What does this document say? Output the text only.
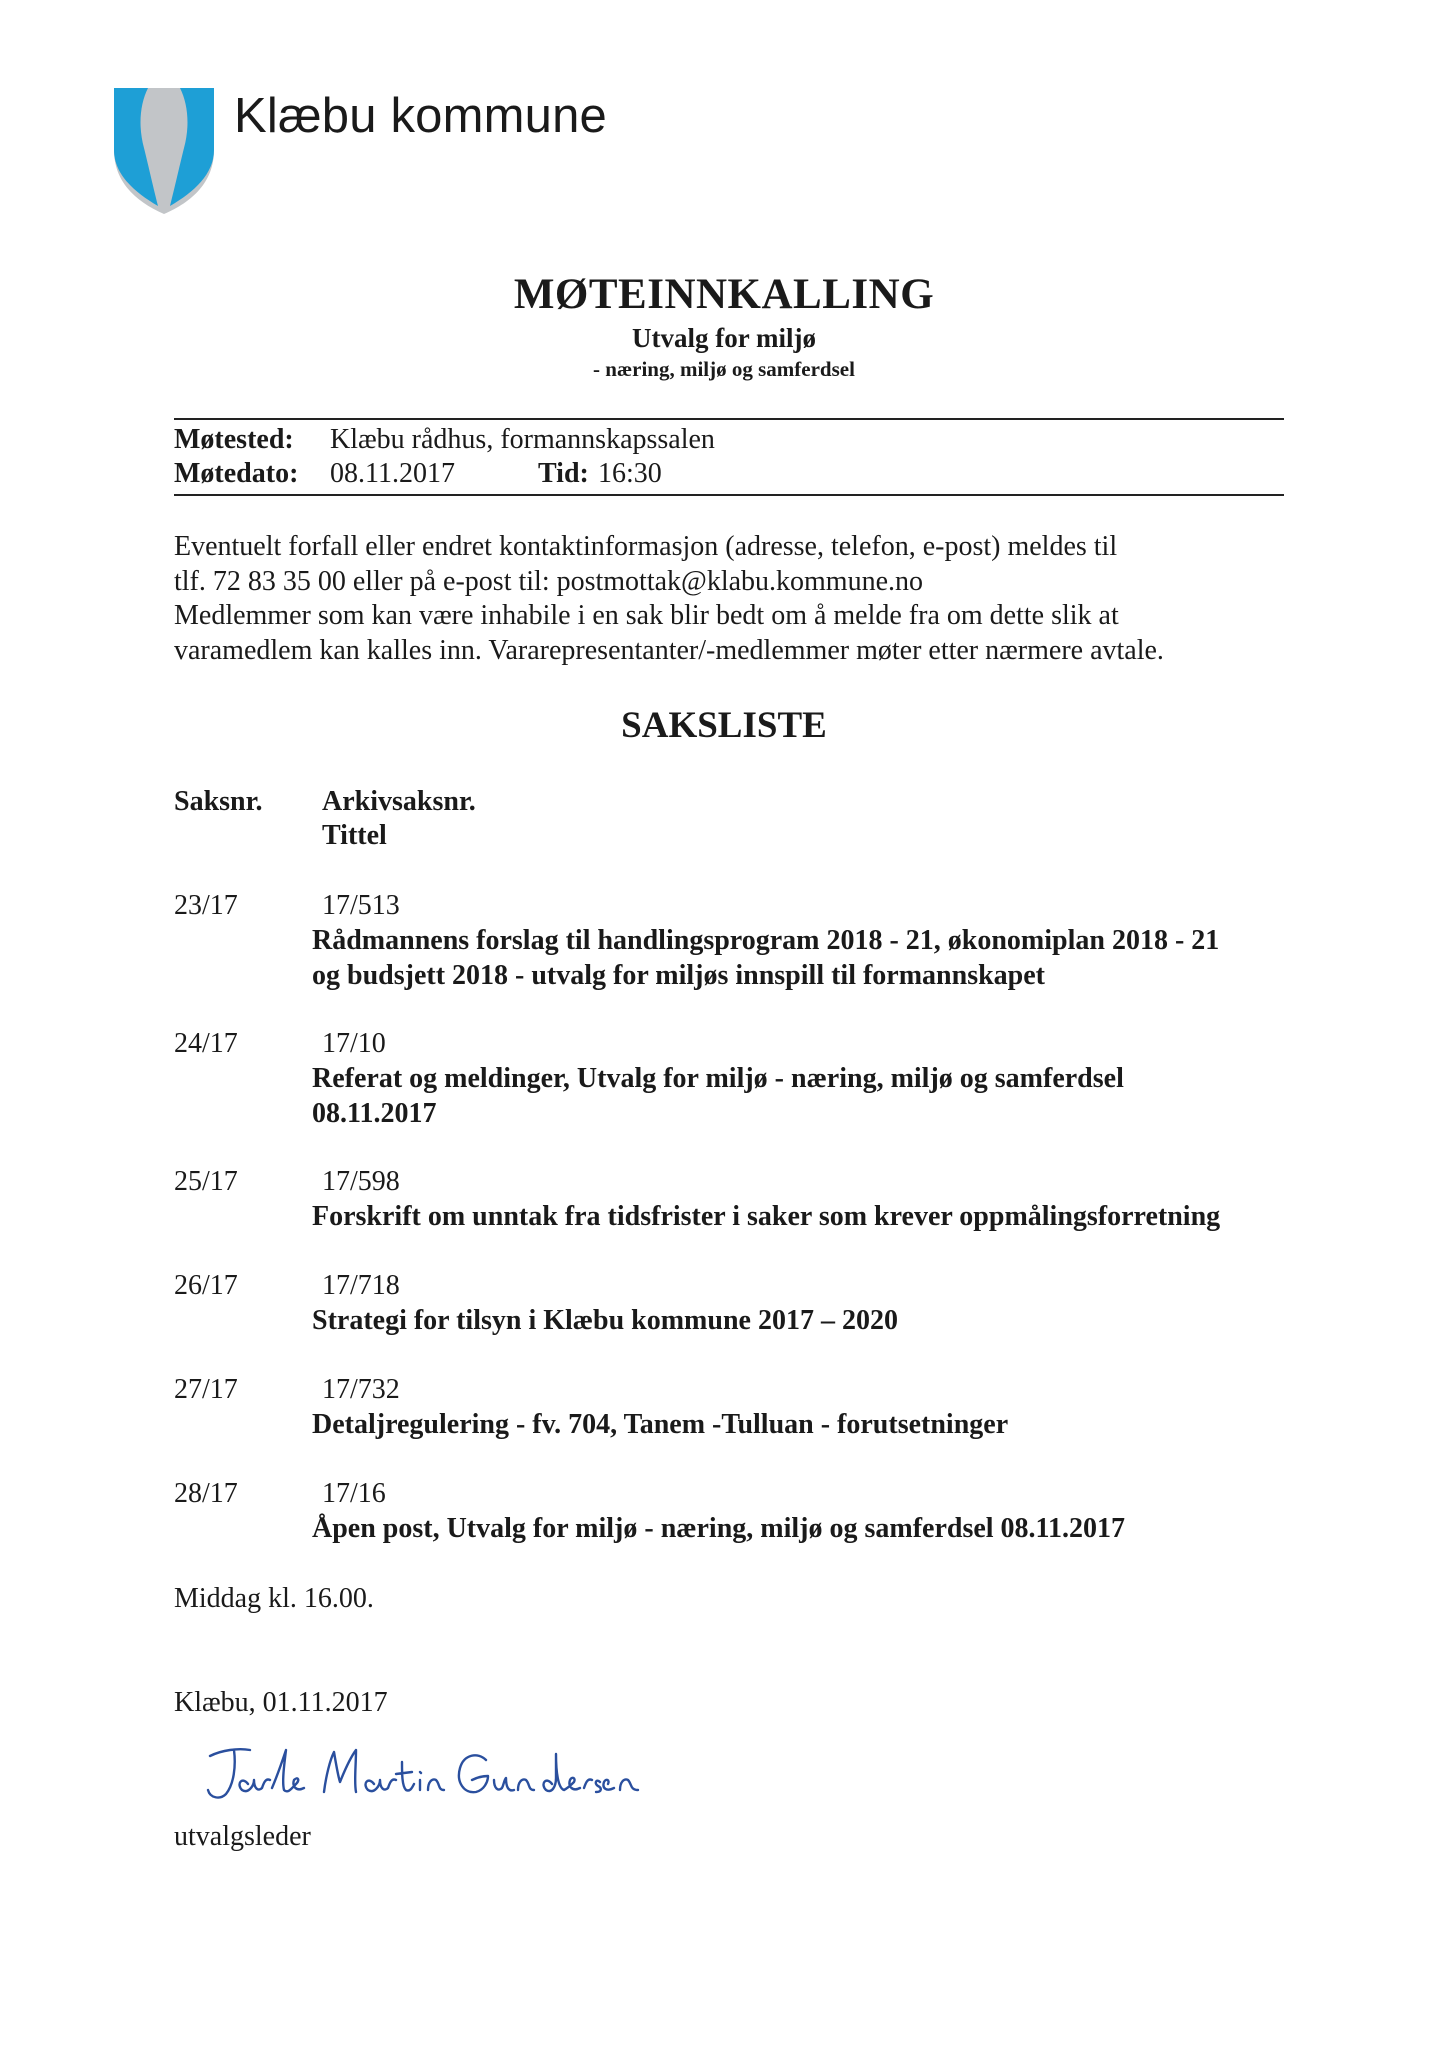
Klæbu kommune
MØTEINNKALLING
Utvalg for miljø
- næring, miljø og samferdsel
Møtested: Klæbu rådhus, formannskapssalen
Møtedato: 08.11.2017	Tid: 16:30
Eventuelt forfall eller endret kontaktinformasjon (adresse, telefon, e-post) meldes til
tlf. 72 83 35 00 eller på e-post til: postmottak@klabu.kommune.no
Medlemmer som kan være inhabile i en sak blir bedt om å melde fra om dette slik at
varamedlem kan kalles inn. Vararepresentanter/-medlemmer møter etter nærmere avtale.
SAKSLISTE
Saksnr. Arkivsaksnr.
Tittel
23/17	17/513
Rådmannens forslag til handlingsprogram 2018 - 21, økonomiplan 2018 - 21
og budsjett 2018 - utvalg for miljøs innspill til formannskapet
24/17	17/10
Referat og meldinger, Utvalg for miljø - næring, miljø og samferdsel
08.11.2017
25/17	17/598
Forskrift om unntak fra tidsfrister i saker som krever oppmålingsforretning
26/17	17/718
Strategi for tilsyn i Klæbu kommune 2017 – 2020
27/17	17/732
Detaljregulering - fv. 704, Tanem -Tulluan - forutsetninger
28/17	17/16
Åpen post, Utvalg for miljø - næring, miljø og samferdsel 08.11.2017
Middag kl. 16.00.
Klæbu, 01.11.2017
utvalgsleder
